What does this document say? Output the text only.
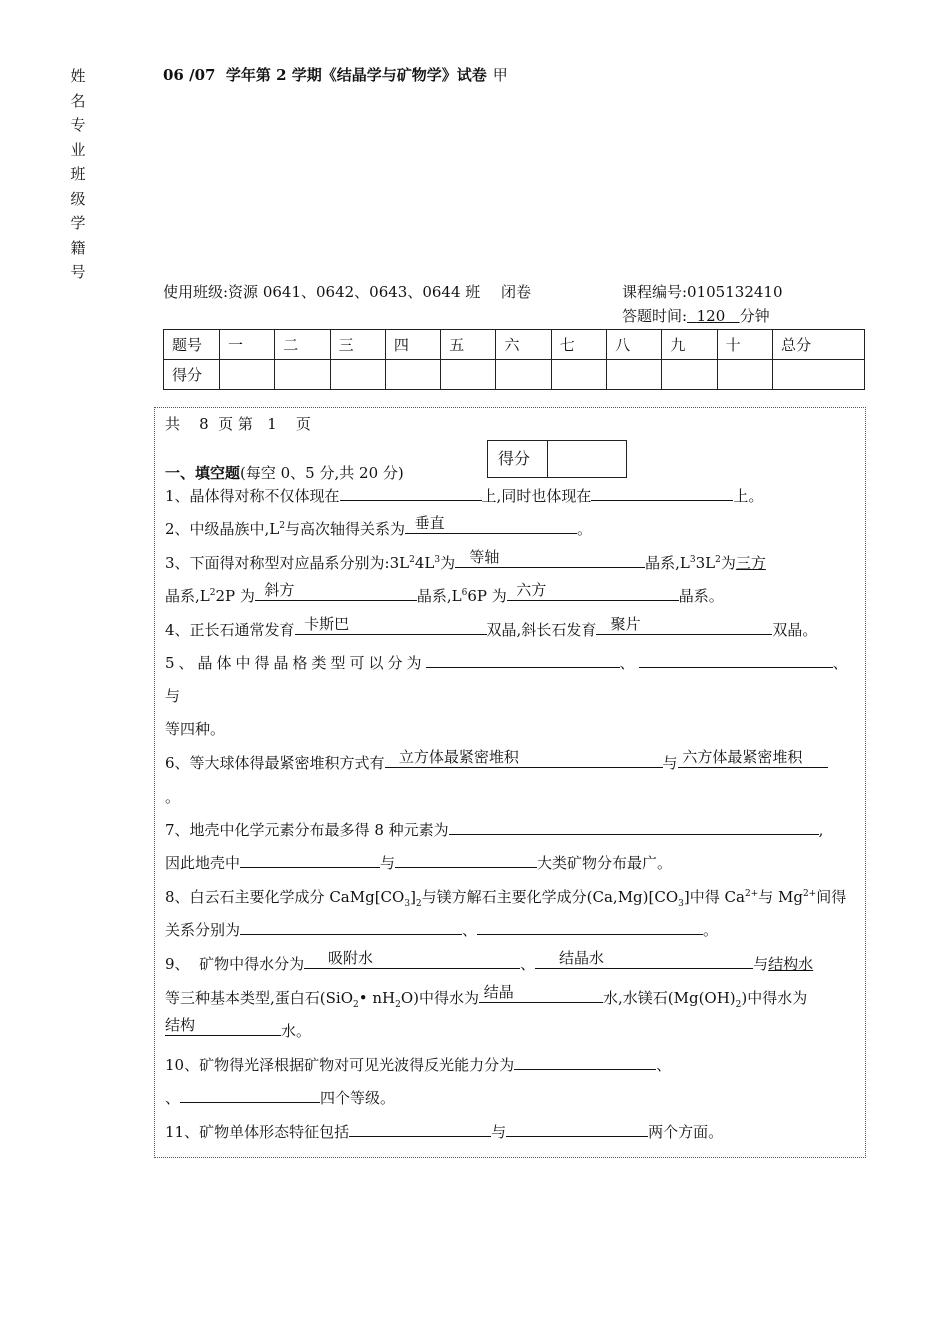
姓
名
专
业
班
级
学
籍
号
06 /07  学年第 2 学期《结晶学与矿物学》试卷 甲
使用班级:资源 0641、0642、0643、0644 班 闭卷	课程编号:0105132410
答题时间: 120 分钟
题号	一	二	三	四	五	六	七	八	九	十	总分
得分											
共    8  页 第   1    页
得分
一、填空题(每空 0、5 分,共 20 分)
1、晶体得对称不仅体现在	上,同时也体现在	上。
2、中级晶族中$,L^2$与高次轴得关系为 垂直	。
3、下面得对称型对应晶系分别为$:3L^24L^3$为 等轴	晶系$,L^33L^2$为三方
晶系$,L^22P$ 为 斜方	晶系$,L^66P$ 为 六方	晶系。
4、正长石通常发育 卡斯巴	双晶,斜长石发育 聚片	双晶。
5、晶体中得晶格类型可以分为	、	、
与
等四种。
6、等大球体得最紧密堆积方式有 立方体最紧密堆积	与 六方体最紧密堆积
。
7、地壳中化学元素分布最多得 8 种元素为	,
因此地壳中	与	大类矿物分布最广。
8、白云石主要化学成分 $CaMg[CO_3]_2$与镁方解石主要化学成分$(Ca,Mg)[CO_3]$中得 $Ca^{2+}$与 $Mg^{2+}$间得
关系分别为	、	。
9、  矿物中得水分为	吸附水	、	结晶水	与结构水
等三种基本类型,蛋白石(SiO$_2$• $nH_2O$)中得水为 结晶	水,水镁石$(Mg(OH)_2)$中得水为
结构	水。
10、矿物得光泽根据矿物对可见光波得反光能力分为	、
、	四个等级。
11、矿物单体形态特征包括	与	两个方面。
